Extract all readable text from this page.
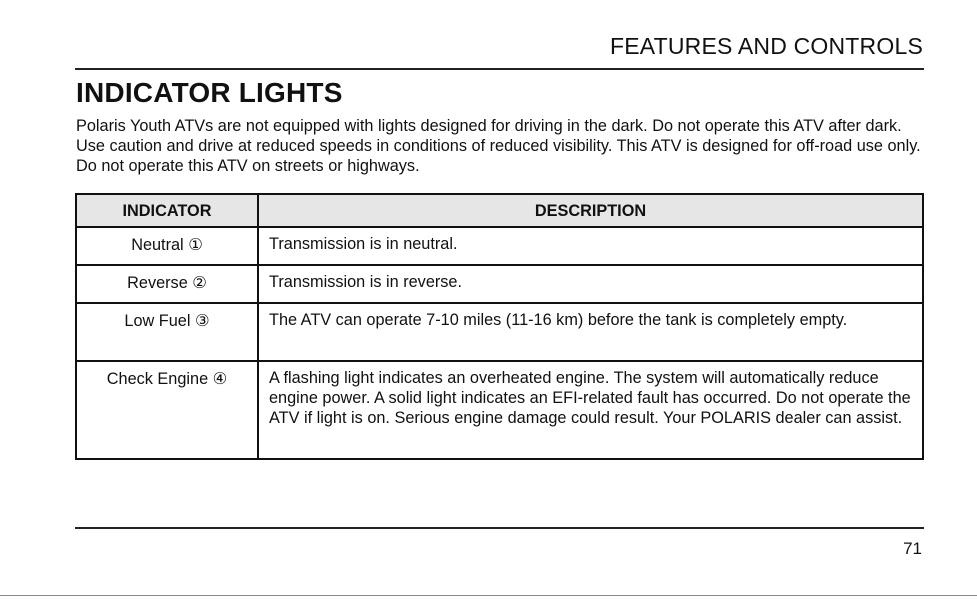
FEATURES AND CONTROLS
INDICATOR LIGHTS

Polaris Youth ATVs are not equipped with lights designed for driving in the dark. Do not operate this ATV after dark. Use caution and drive at reduced speeds in conditions of reduced visibility. This ATV is designed for off-road use only. Do not operate this ATV on streets or highways.

INDICATOR	DESCRIPTION
Neutral ①	Transmission is in neutral.
Reverse ②	Transmission is in reverse.
Low Fuel ③	The ATV can operate 7-10 miles (11-16 km) before the tank is completely empty.
Check Engine ④	A flashing light indicates an overheated engine. The system will automatically reduce engine power. A solid light indicates an EFI-related fault has occurred. Do not operate the ATV if light is on. Serious engine damage could result. Your POLARIS dealer can assist.
71
